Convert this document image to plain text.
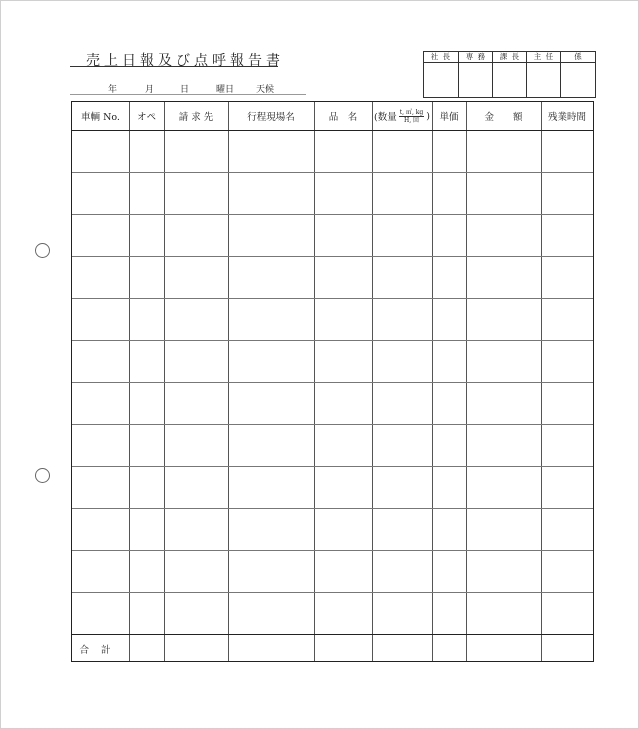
売上日報及び点呼報告書
年	月	日	曜日 天候
社 長	専 務	課 長	主 任	係
車輌 No.	オペ	請 求 先	行程現場名	品　名	(数量 $\frac{t, ㎥, kg}{\text{H, 回}}$ )	単価	金　　額	残業時間
合計
